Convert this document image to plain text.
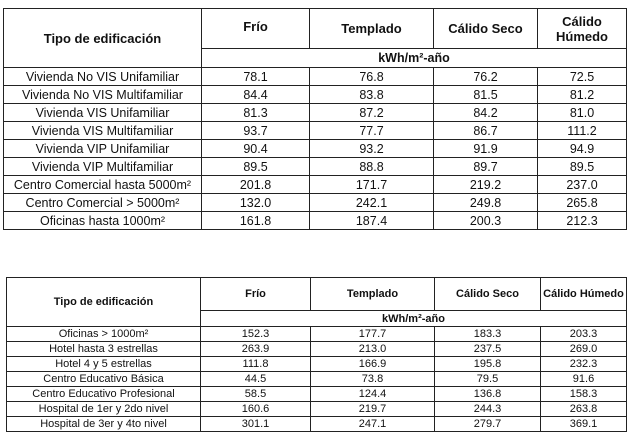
Tipo de edificación	Frío	Templado	Cálido Seco	Cálido Húmedo
	kWh/m²-año			
Vivienda No VIS Unifamiliar	78.1	76.8	76.2	72.5
Vivienda No VIS Multifamiliar	84.4	83.8	81.5	81.2
Vivienda VIS Unifamiliar	81.3	87.2	84.2	81.0
Vivienda VIS Multifamiliar	93.7	77.7	86.7	111.2
Vivienda VIP Unifamiliar	90.4	93.2	91.9	94.9
Vivienda VIP Multifamiliar	89.5	88.8	89.7	89.5
Centro Comercial hasta 5000m²	201.8	171.7	219.2	237.0
Centro Comercial > 5000m²	132.0	242.1	249.8	265.8
Oficinas hasta 1000m²	161.8	187.4	200.3	212.3
Tipo de edificación	Frío	Templado	Cálido Seco	Cálido Húmedo
	kWh/m²-año			
Oficinas > 1000m²	152.3	177.7	183.3	203.3
Hotel hasta 3 estrellas	263.9	213.0	237.5	269.0
Hotel 4 y 5 estrellas	111.8	166.9	195.8	232.3
Centro Educativo Básica	44.5	73.8	79.5	91.6
Centro Educativo Profesional	58.5	124.4	136.8	158.3
Hospital de 1er y 2do nivel	160.6	219.7	244.3	263.8
Hospital de 3er y 4to nivel	301.1	247.1	279.7	369.1
